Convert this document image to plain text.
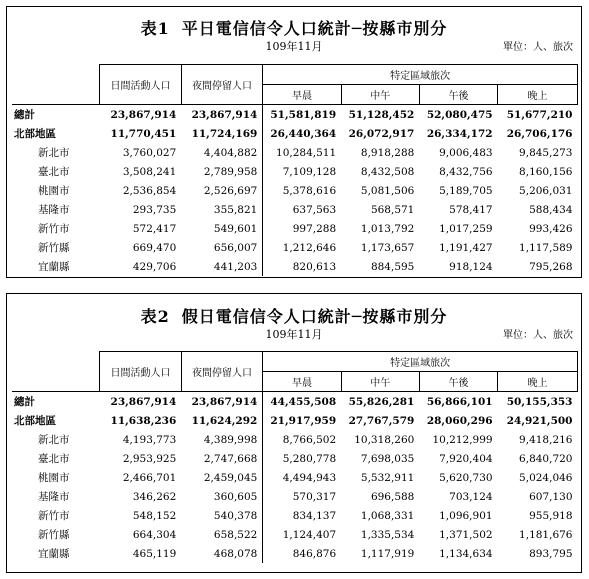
表1 平日電信信令人口統計─按縣市別分
109年11月	單位：人、旅次
	日間活動人口	夜間停留人口	特定區域旅次			
			早晨	中午	午後	晚上
總計	23,867,914	23,867,914	51,581,819	51,128,452	52,080,475	51,677,210
北部地區	11,770,451	11,724,169	26,440,364	26,072,917	26,334,172	26,706,176
新北市	3,760,027	4,404,882	10,284,511	8,918,288	9,006,483	9,845,273
臺北市	3,508,241	2,789,958	7,109,128	8,432,508	8,432,756	8,160,156
桃園市	2,536,854	2,526,697	5,378,616	5,081,506	5,189,705	5,206,031
基隆市	293,735	355,821	637,563	568,571	578,417	588,434
新竹市	572,417	549,601	997,288	1,013,792	1,017,259	993,426
新竹縣	669,470	656,007	1,212,646	1,173,657	1,191,427	1,117,589
宜蘭縣	429,706	441,203	820,613	884,595	918,124	795,268
表2 假日電信信令人口統計─按縣市別分
109年11月	單位：人、旅次
	日間活動人口	夜間停留人口	特定區域旅次			
			早晨	中午	午後	晚上
總計	23,867,914	23,867,914	44,455,508	55,826,281	56,866,101	50,155,353
北部地區	11,638,236	11,624,292	21,917,959	27,767,579	28,060,296	24,921,500
新北市	4,193,773	4,389,998	8,766,502	10,318,260	10,212,999	9,418,216
臺北市	2,953,925	2,747,668	5,280,778	7,698,035	7,920,404	6,840,720
桃園市	2,466,701	2,459,045	4,494,943	5,532,911	5,620,730	5,024,046
基隆市	346,262	360,605	570,317	696,588	703,124	607,130
新竹市	548,152	540,378	834,137	1,068,331	1,096,901	955,918
新竹縣	664,304	658,522	1,124,407	1,335,534	1,371,502	1,181,676
宜蘭縣	465,119	468,078	846,876	1,117,919	1,134,634	893,795
